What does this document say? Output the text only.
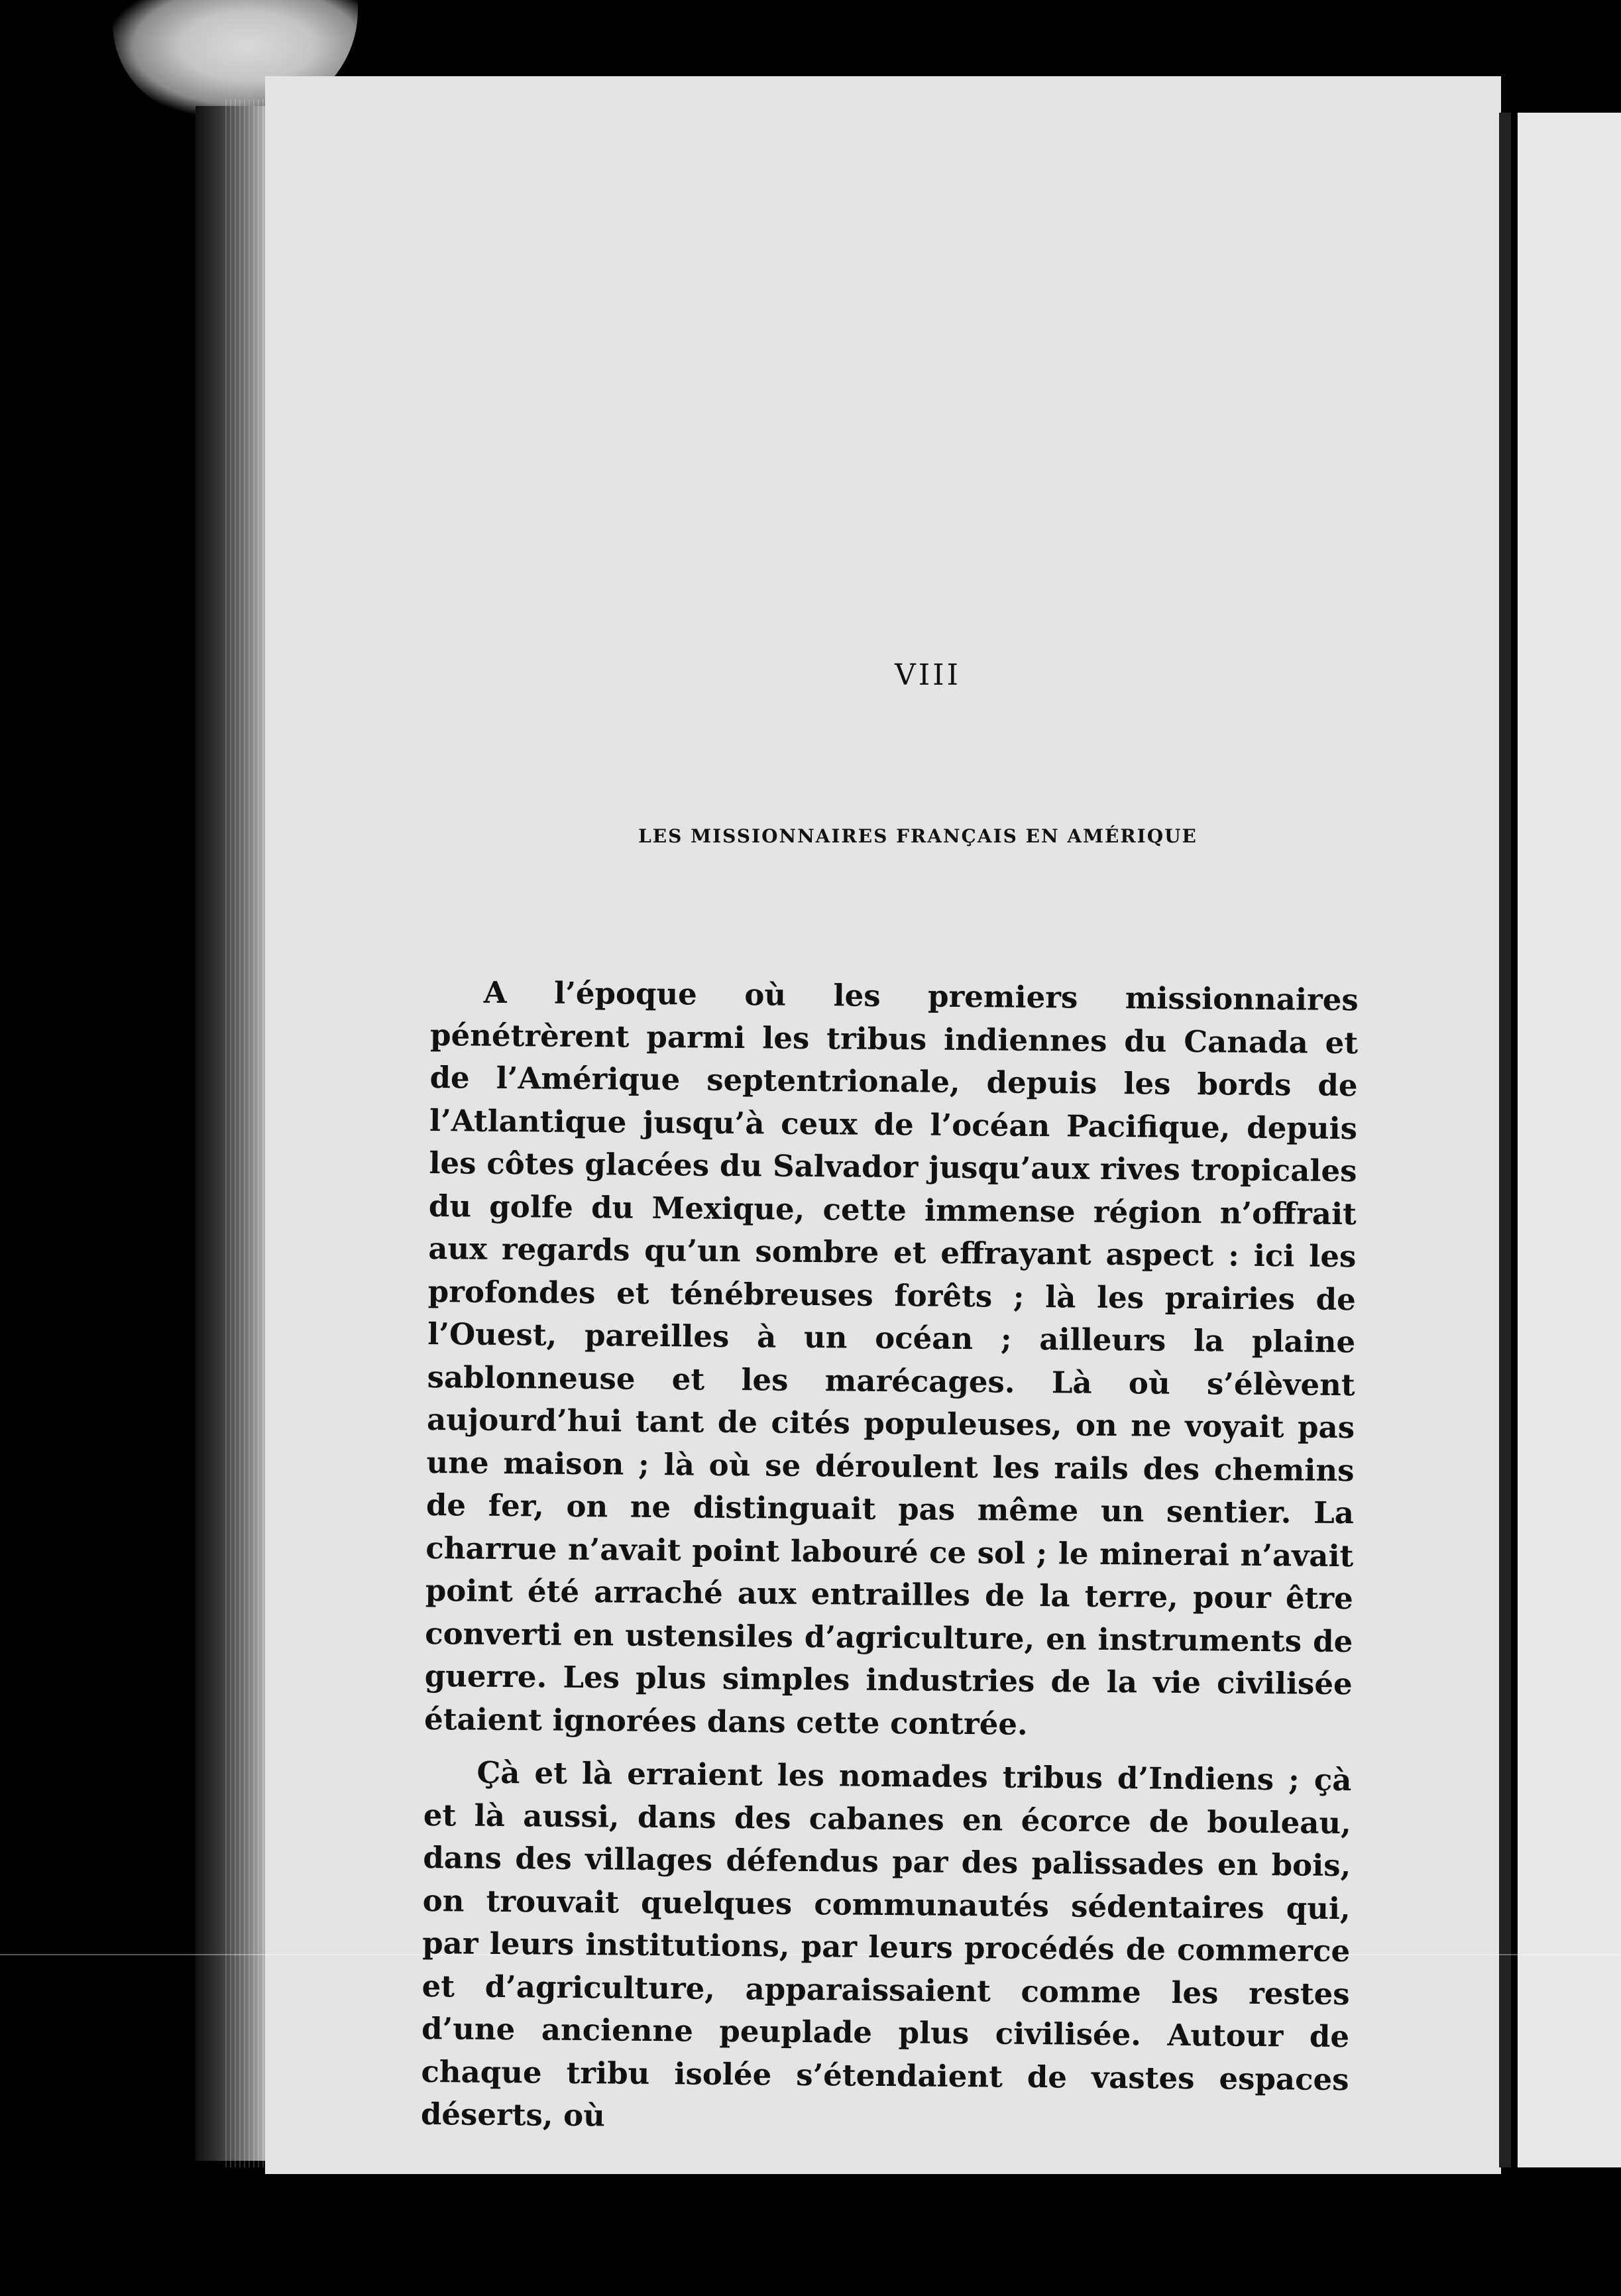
VIII
LES MISSIONNAIRES FRANÇAIS EN AMÉRIQUE

A l’époque où les premiers missionnaires pénétrèrent parmi les tribus indiennes du Canada et de l’Amérique septentrionale, depuis les bords de l’Atlantique jusqu’à ceux de l’océan Pacifique, depuis les côtes glacées du Salvador jusqu’aux rives tropicales du golfe du Mexique, cette immense région n’offrait aux regards qu’un sombre et effrayant aspect : ici les profondes et ténébreuses forêts ; là les prairies de l’Ouest, pareilles à un océan ; ailleurs la plaine sablonneuse et les marécages. Là où s’élèvent aujourd’hui tant de cités populeuses, on ne voyait pas une maison ; là où se déroulent les rails des chemins de fer, on ne distinguait pas même un sentier. La charrue n’avait point labouré ce sol ; le minerai n’avait point été arraché aux entrailles de la terre, pour être converti en ustensiles d’agriculture, en instruments de guerre. Les plus simples industries de la vie civilisée étaient ignorées dans cette contrée.

Çà et là erraient les nomades tribus d’Indiens ; çà et là aussi, dans des cabanes en écorce de bouleau, dans des villages défendus par des palissades en bois, on trouvait quelques communautés sédentaires qui, par leurs institutions, par leurs procédés de commerce et d’agriculture, apparaissaient comme les restes d’une ancienne peuplade plus civilisée. Autour de chaque tribu isolée s’étendaient de vastes espaces déserts, où
